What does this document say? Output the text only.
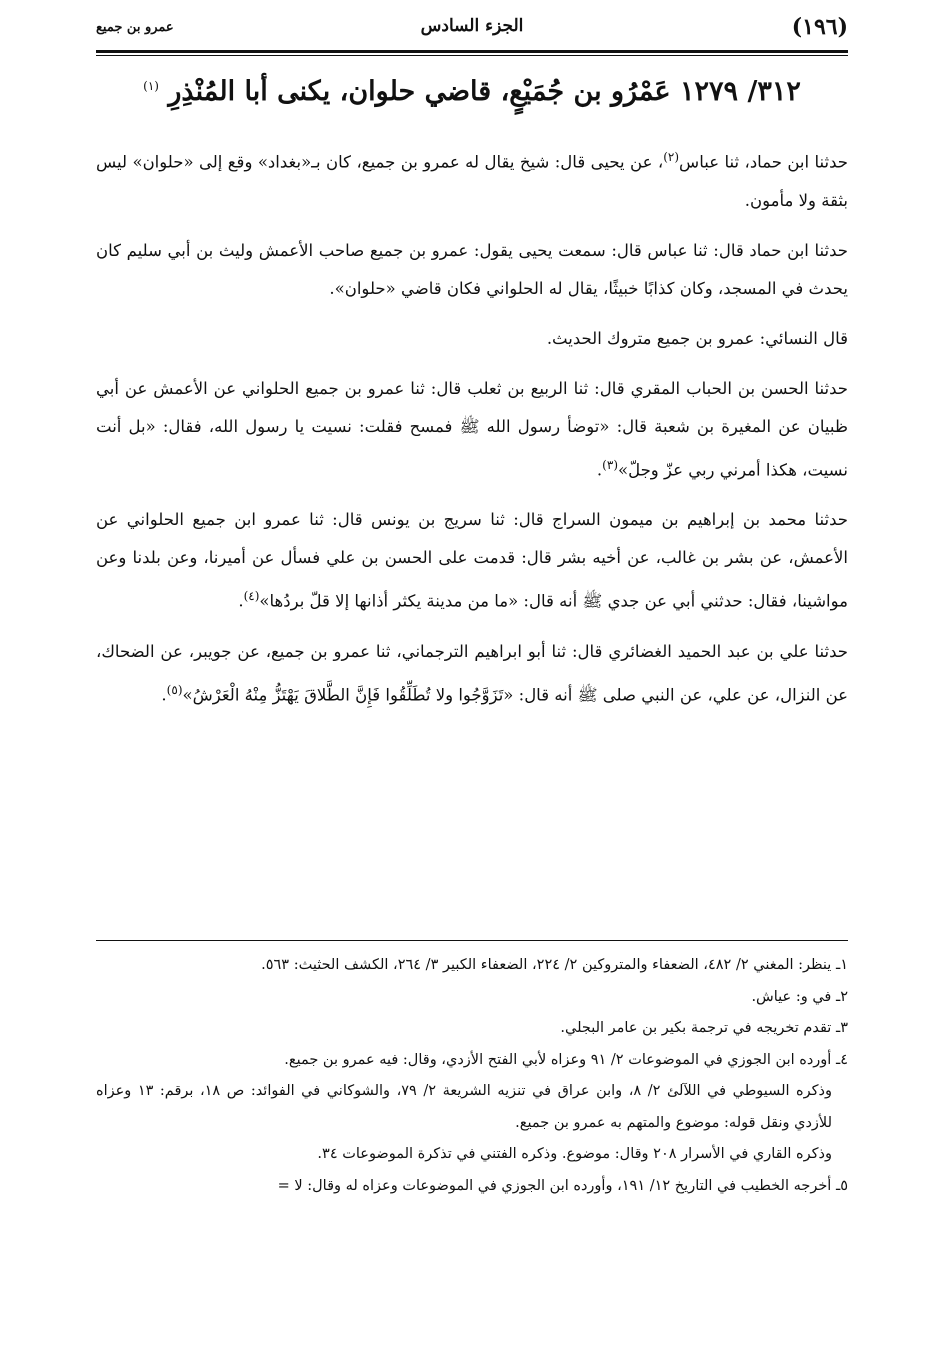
(١٩٦)
الجزء السادس
عمرو بن جميع
٣١٢/ ١٢٧٩ عَمْرُو بن جُمَيْعٍ، قاضي حلوان، يكنى أبا المُنْذِرِ $^{(١)}$

حدثنا ابن حماد، ثنا عباس$^{(٢)}$، عن يحيى قال: شيخ يقال له عمرو بن جميع، كان بـ«بغداد» وقع إلى «حلوان» ليس بثقة ولا مأمون.

حدثنا ابن حماد قال: ثنا عباس قال: سمعت يحيى يقول: عمرو بن جميع صاحب الأعمش وليث بن أبي سليم كان يحدث في المسجد، وكان كذابًا خبيثًا، يقال له الحلواني فكان قاضي «حلوان».

قال النسائي: عمرو بن جميع متروك الحديث.

حدثنا الحسن بن الحباب المقري قال: ثنا الربيع بن ثعلب قال: ثنا عمرو بن جميع الحلواني عن الأعمش عن أبي ظبيان عن المغيرة بن شعبة قال: «توضأ رسول الله ﷺ فمسح فقلت: نسيت يا رسول الله، فقال: «بل أنت نسيت، هكذا أمرني ربي عزّ وجلّ»$^{(٣)}$.

حدثنا محمد بن إبراهيم بن ميمون السراج قال: ثنا سريج بن يونس قال: ثنا عمرو ابن جميع الحلواني عن الأعمش، عن بشر بن غالب، عن أخيه بشر قال: قدمت على الحسن بن علي فسأل عن أميرنا، وعن بلدنا وعن مواشينا، فقال: حدثني أبي عن جدي ﷺ أنه قال: «ما من مدينة يكثر أذانها إلا قلّ بردُها»$^{(٤)}$.

حدثنا علي بن عبد الحميد الغضائري قال: ثنا أبو ابراهيم الترجماني، ثنا عمرو بن جميع، عن جويبر، عن الضحاك، عن النزال، عن علي، عن النبي صلى ﷺ أنه قال: «تَزَوَّجُوا ولا تُطَلِّقُوا فَإِنَّ الطَّلاقَ يَهْتَزُّ مِنْهُ الْعَرْشُ»$^{(٥)}$.

١ـ ينظر: المغني ٢/ ٤٨٢، الضعفاء والمتروكين ٢/ ٢٢٤، الضعفاء الكبير ٣/ ٢٦٤، الكشف الحثيث: ٥٦٣.

٢ـ في و: عياش.

٣ـ تقدم تخريجه في ترجمة بكير بن عامر البجلي.

٤ـ أورده ابن الجوزي في الموضوعات ٢/ ٩١ وعزاه لأبي الفتح الأزدي، وقال: فيه عمرو بن جميع.

وذكره السيوطي في اللآلئ ٢/ ٨، وابن عراق في تنزيه الشريعة ٢/ ٧٩، والشوكاني في الفوائد: ص ١٨، برقم: ١٣ وعزاه للأزدي ونقل قوله: موضوع والمتهم به عمرو بن جميع.

وذكره القاري في الأسرار ٢٠٨ وقال: موضوع. وذكره الفتني في تذكرة الموضوعات ٣٤.

٥ـ أخرجه الخطيب في التاريخ ١٢/ ١٩١، وأورده ابن الجوزي في الموضوعات وعزاه له وقال: لا =
